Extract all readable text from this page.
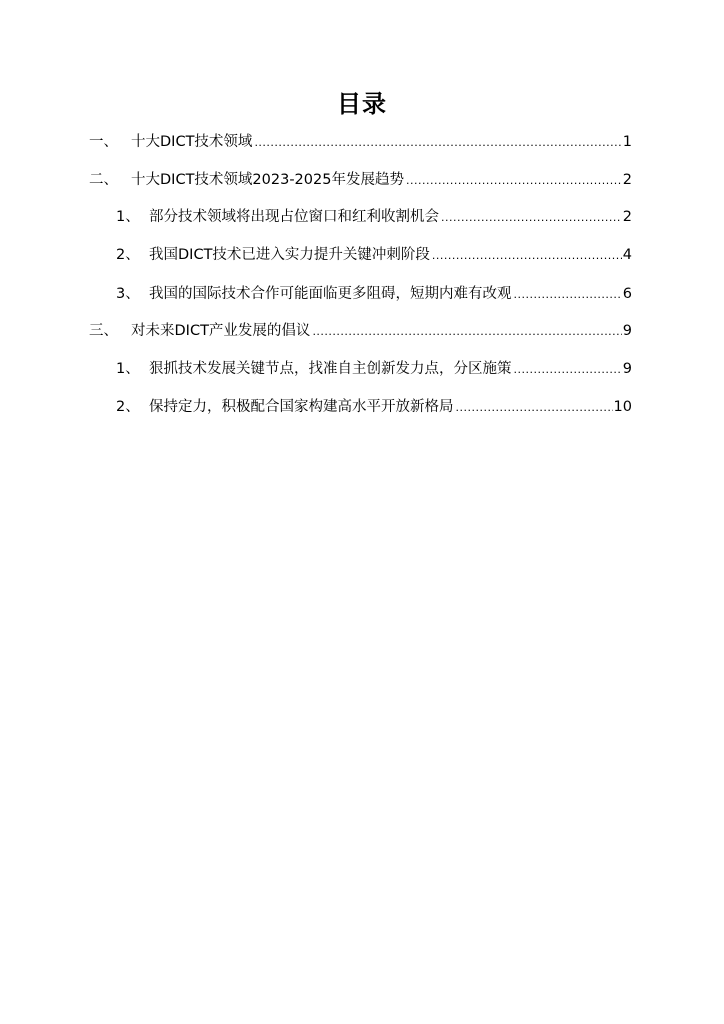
目录
一、 十大DICT技术领域 .....	1
二、 十大DICT技术领域2023-2025年发展趋势 .....	2
1、 部分技术领域将出现占位窗口和红利收割机会 .....	2
2、 我国DICT技术已进入实力提升关键冲刺阶段 .....	4
3、 我国的国际技术合作可能面临更多阻碍，短期内难有改观 .....	6
三、 对未来DICT产业发展的倡议 .....	9
1、 狠抓技术发展关键节点，找准自主创新发力点，分区施策 .....	9
2、 保持定力，积极配合国家构建高水平开放新格局 .....	10
